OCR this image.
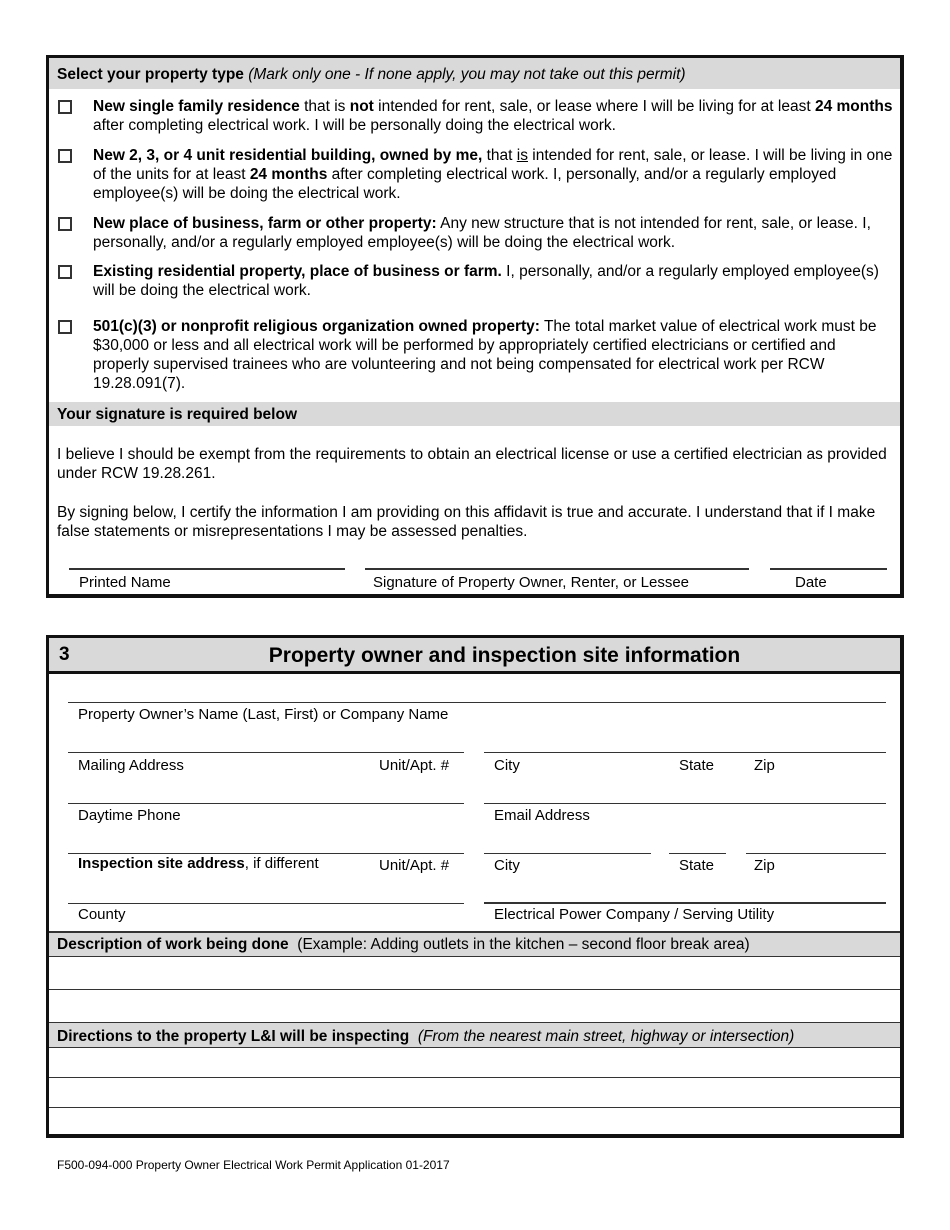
Select your property type (Mark only one - If none apply, you may not take out this permit)
New single family residence that is not intended for rent, sale, or lease where I will be living for at least 24 months after completing electrical work. I will be personally doing the electrical work.
New 2, 3, or 4 unit residential building, owned by me, that is intended for rent, sale, or lease. I will be living in one of the units for at least 24 months after completing electrical work. I, personally, and/or a regularly employed employee(s) will be doing the electrical work.
New place of business, farm or other property: Any new structure that is not intended for rent, sale, or lease. I, personally, and/or a regularly employed employee(s) will be doing the electrical work.
Existing residential property, place of business or farm. I, personally, and/or a regularly employed employee(s) will be doing the electrical work.
501(c)(3) or nonprofit religious organization owned property: The total market value of electrical work must be $30,000 or less and all electrical work will be performed by appropriately certified electricians or certified and properly supervised trainees who are volunteering and not being compensated for electrical work per RCW 19.28.091(7).
Your signature is required below
I believe I should be exempt from the requirements to obtain an electrical license or use a certified electrician as provided under RCW 19.28.261.
By signing below, I certify the information I am providing on this affidavit is true and accurate. I understand that if I make false statements or misrepresentations I may be assessed penalties.
Printed Name	Signature of Property Owner, Renter, or Lessee	Date
3	Property owner and inspection site information
Property Owner’s Name (Last, First) or Company Name
Mailing Address	Unit/Apt. #	City	State	Zip
Daytime Phone	Email Address
Inspection site address, if different	Unit/Apt. #	City	State	Zip
County	Electrical Power Company / Serving Utility
Description of work being done (Example: Adding outlets in the kitchen – second floor break area)
Directions to the property L&I will be inspecting (From the nearest main street, highway or intersection)
F500-094-000 Property Owner Electrical Work Permit Application 01-2017
